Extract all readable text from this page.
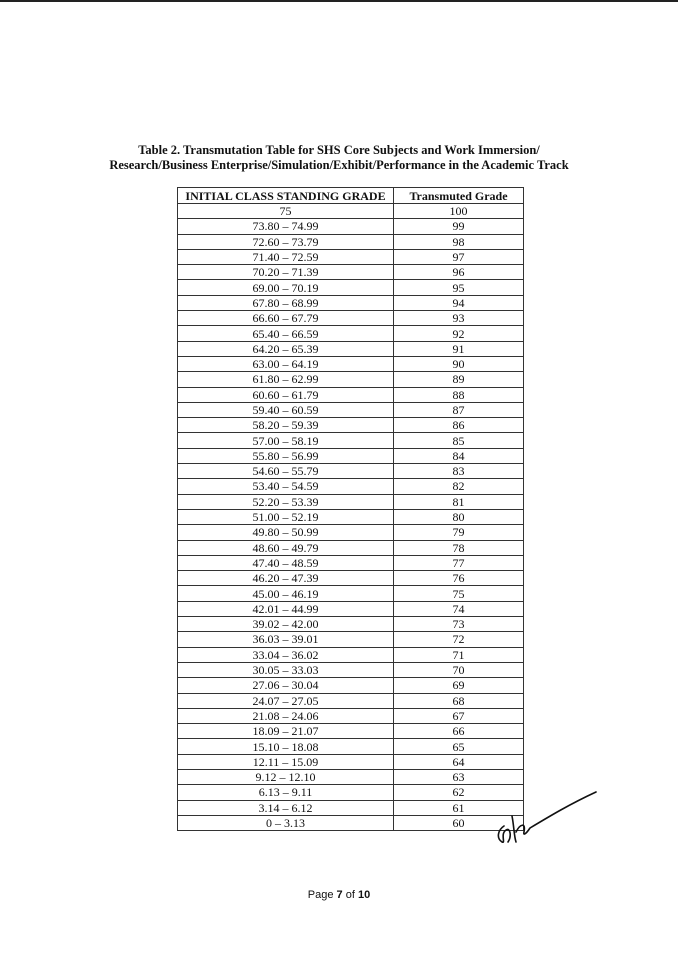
Table 2. Transmutation Table for SHS Core Subjects and Work Immersion/
Research/Business Enterprise/Simulation/Exhibit/Performance in the Academic Track
INITIAL CLASS STANDING GRADE	Transmuted Grade
75	100
73.80 – 74.99	99
72.60 – 73.79	98
71.40 – 72.59	97
70.20 – 71.39	96
69.00 – 70.19	95
67.80 – 68.99	94
66.60 – 67.79	93
65.40 – 66.59	92
64.20 – 65.39	91
63.00 – 64.19	90
61.80 – 62.99	89
60.60 – 61.79	88
59.40 – 60.59	87
58.20 – 59.39	86
57.00 – 58.19	85
55.80 – 56.99	84
54.60 – 55.79	83
53.40 – 54.59	82
52.20 – 53.39	81
51.00 – 52.19	80
49.80 – 50.99	79
48.60 – 49.79	78
47.40 – 48.59	77
46.20 – 47.39	76
45.00 – 46.19	75
42.01 – 44.99	74
39.02 – 42.00	73
36.03 – 39.01	72
33.04 – 36.02	71
30.05 – 33.03	70
27.06 – 30.04	69
24.07 – 27.05	68
21.08 – 24.06	67
18.09 – 21.07	66
15.10 – 18.08	65
12.11 – 15.09	64
9.12 – 12.10	63
6.13 – 9.11	62
3.14 – 6.12	61
0 – 3.13	60
Page 7 of 10
